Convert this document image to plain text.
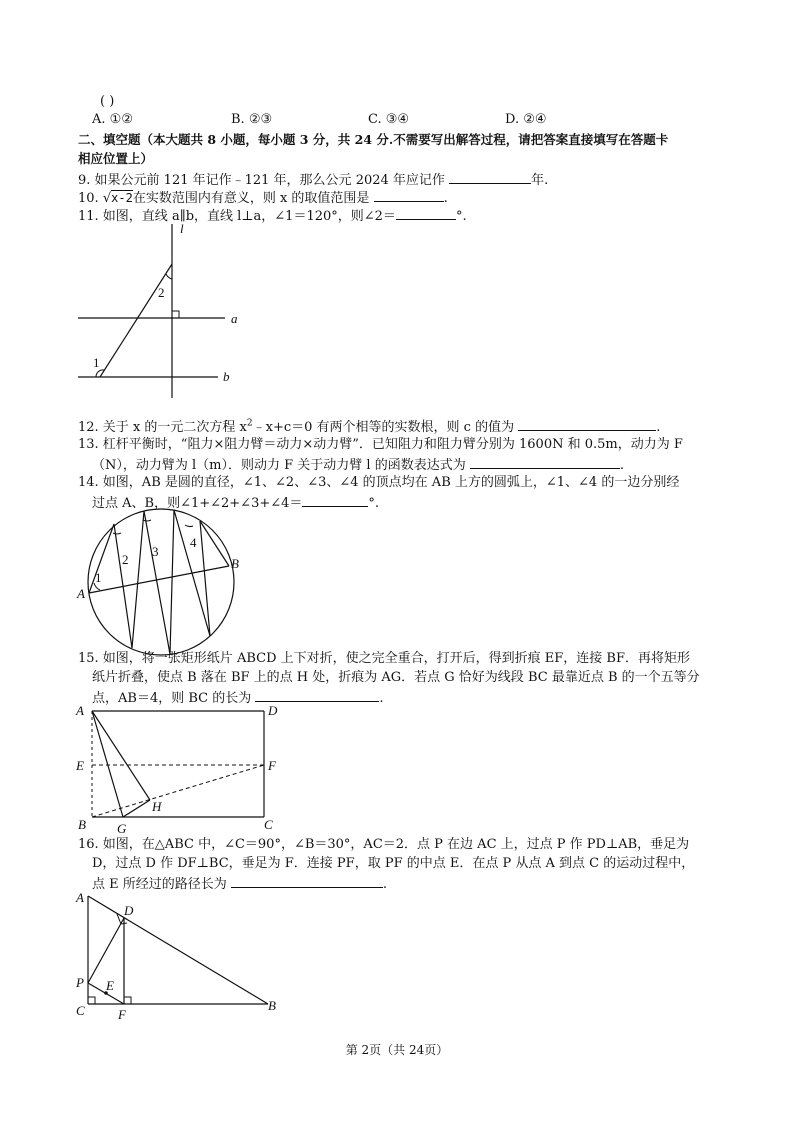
( )
A. ①②	B. ②③	C. ③④	D. ②④
二、填空题（本大题共 8 小题，每小题 3 分，共 24 分.不需要写出解答过程，请把答案直接填写在答题卡
相应位置上）
9. 如果公元前 121 年记作﹣121 年，那么公元 2024 年应记作	年.
10. √x-2在实数范围内有意义，则 x 的取值范围是	.
11. 如图，直线 a∥b，直线 l⊥a，∠1＝120°，则∠2＝	°.
l
a
b
1
2
12. 关于 x 的一元二次方程 $x^2﹣x+c=0$ 有两个相等的实数根，则 c 的值为	.
13. 杠杆平衡时，“阻力×阻力臂＝动力×动力臂”．已知阻力和阻力臂分别为 1600N 和 0.5m，动力为 F
（N），动力臂为 l（m）．则动力 F 关于动力臂 l 的函数表达式为	.
14. 如图，AB 是圆的直径，∠1、∠2、∠3、∠4 的顶点均在 AB 上方的圆弧上，∠1、∠4 的一边分别经
过点 A、B，则∠1+∠2+∠3+∠4＝	°.
A
B
1
2
3
4
15. 如图，将一张矩形纸片 ABCD 上下对折，使之完全重合，打开后，得到折痕 EF，连接 BF．再将矩形
纸片折叠，使点 B 落在 BF 上的点 H 处，折痕为 AG．若点 G 恰好为线段 BC 最靠近点 B 的一个五等分
点，AB＝4，则 BC 的长为	.
A	D
E	F
B G
H
C
16. 如图，在△ABC 中，∠C＝90°，∠B＝30°，AC＝2．点 P 在边 AC 上，过点 P 作 PD⊥AB，垂足为
D，过点 D 作 DF⊥BC，垂足为 F．连接 PF，取 PF 的中点 E．在点 P 从点 A 到点 C 的运动过程中，
点 E 所经过的路径长为	.
A
D
P E
C	F
B
第 2页（共 24页）
